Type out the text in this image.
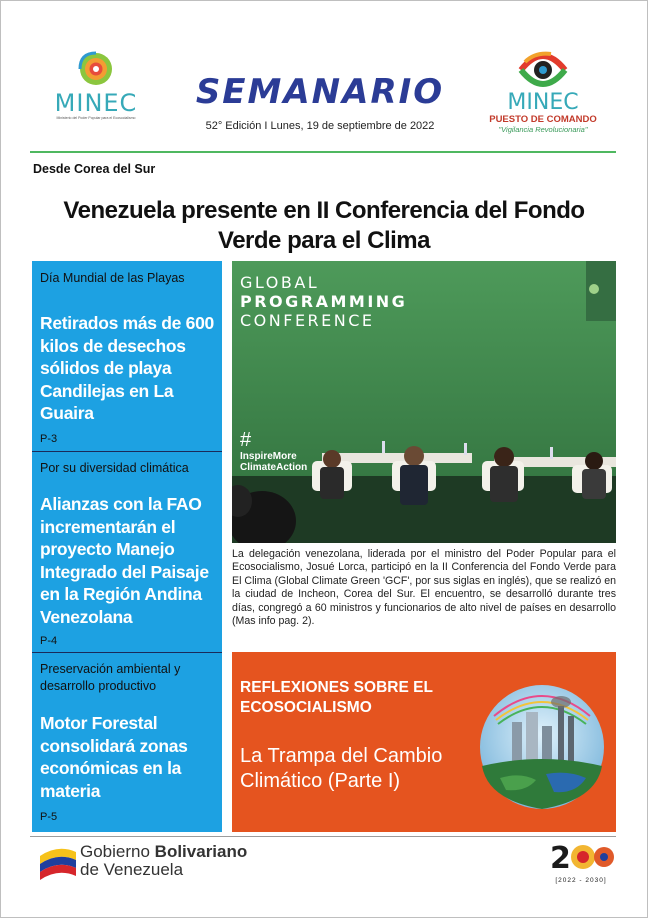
MINEC
Ministerio del Poder Popular para el Ecosocialismo
SEMANARIO
52° Edición I Lunes, 19 de septiembre de 2022
MINEC
PUESTO DE COMANDO
"Vigilancia Revolucionaria"
Desde Corea del Sur
Venezuela presente en II Conferencia del Fondo Verde para el Clima
Día Mundial de las Playas
Retirados más de 600 kilos de desechos sólidos de playa Candilejas en La Guaira
P-3
Por su diversidad climática
Alianzas con la FAO incrementarán el proyecto Manejo Integrado del Paisaje en la Región Andina Venezolana
P-4
Preservación ambiental y desarrollo productivo
Motor Forestal consolidará zonas económicas en la materia
P-5
GLOBAL
PROGRAMMING
CONFERENCE
#
InspireMore
ClimateAction
La delegación venezolana, liderada por el ministro del Poder Popular para el Ecosocialismo, Josué Lorca, participó en la II Conferencia del Fondo Verde para El Clima (Global Climate Green 'GCF', por sus siglas en inglés), que se realizó en la ciudad de Incheon, Corea del Sur. El encuentro, se desarrolló durante tres días, congregó a 60 ministros y funcionarios de alto nivel de países en desarrollo (Mas info pag. 2).
REFLEXIONES SOBRE EL ECOSOCIALISMO
La Trampa del Cambio Climático (Parte I)
Gobierno Bolivariano
de Venezuela	2
[2022 - 2030]
